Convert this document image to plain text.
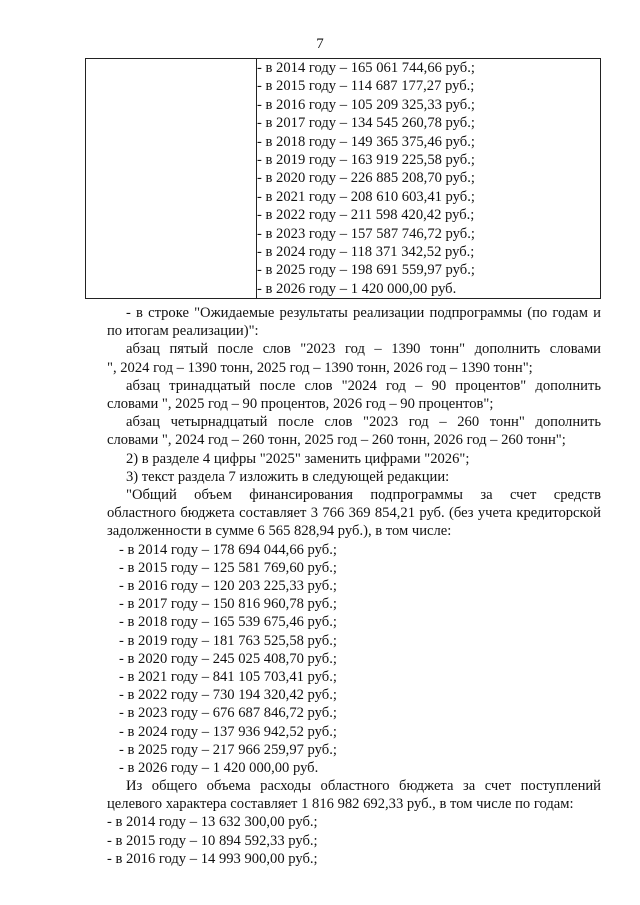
7

- в 2014 году – 165 061 744,66 руб.;
- в 2015 году – 114 687 177,27 руб.;
- в 2016 году – 105 209 325,33 руб.;
- в 2017 году – 134 545 260,78 руб.;
- в 2018 году – 149 365 375,46 руб.;
- в 2019 году – 163 919 225,58 руб.;
- в 2020 году – 226 885 208,70 руб.;
- в 2021 году – 208 610 603,41 руб.;
- в 2022 году – 211 598 420,42 руб.;
- в 2023 году – 157 587 746,72 руб.;
- в 2024 году – 118 371 342,52 руб.;
- в 2025 году – 198 691 559,97 руб.;
- в 2026 году – 1 420 000,00 руб.
- в строке "Ожидаемые результаты реализации подпрограммы (по годам и
по итогам реализации)":
абзац пятый после слов "2023 год – 1390 тонн" дополнить словами
", 2024 год – 1390 тонн, 2025 год – 1390 тонн, 2026 год – 1390 тонн";
абзац тринадцатый после слов "2024 год – 90 процентов" дополнить
словами ", 2025 год – 90 процентов, 2026 год – 90 процентов";
абзац четырнадцатый после слов "2023 год – 260 тонн" дополнить
словами ", 2024 год – 260 тонн, 2025 год – 260 тонн, 2026 год – 260 тонн";
2) в разделе 4 цифры "2025" заменить цифрами "2026";
3) текст раздела 7 изложить в следующей редакции:
"Общий объем финансирования подпрограммы за счет средств
областного бюджета составляет 3 766 369 854,21 руб. (без учета кредиторской
задолженности в сумме 6 565 828,94 руб.), в том числе:
- в 2014 году – 178 694 044,66 руб.;
- в 2015 году – 125 581 769,60 руб.;
- в 2016 году – 120 203 225,33 руб.;
- в 2017 году – 150 816 960,78 руб.;
- в 2018 году – 165 539 675,46 руб.;
- в 2019 году – 181 763 525,58 руб.;
- в 2020 году – 245 025 408,70 руб.;
- в 2021 году – 841 105 703,41 руб.;
- в 2022 году – 730 194 320,42 руб.;
- в 2023 году – 676 687 846,72 руб.;
- в 2024 году – 137 936 942,52 руб.;
- в 2025 году – 217 966 259,97 руб.;
- в 2026 году – 1 420 000,00 руб.
Из общего объема расходы областного бюджета за счет поступлений
целевого характера составляет 1 816 982 692,33 руб., в том числе по годам:
- в 2014 году – 13 632 300,00 руб.;
- в 2015 году – 10 894 592,33 руб.;
- в 2016 году – 14 993 900,00 руб.;
